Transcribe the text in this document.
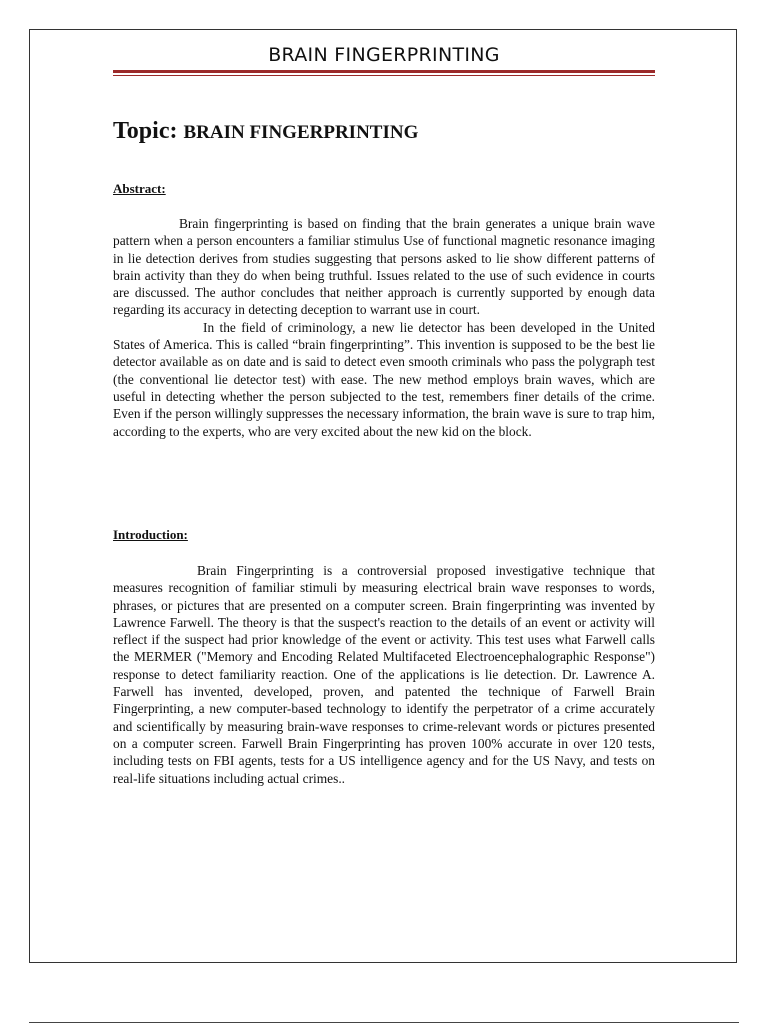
BRAIN FINGERPRINTING
Topic: BRAIN FINGERPRINTING
Abstract:

Brain fingerprinting is based on finding that the brain generates a unique brain wave pattern when a person encounters a familiar stimulus Use of functional magnetic resonance imaging in lie detection derives from studies suggesting that persons asked to lie show different patterns of brain activity than they do when being truthful. Issues related to the use of such evidence in courts are discussed. The author concludes that neither approach is currently supported by enough data regarding its accuracy in detecting deception to warrant use in court.

In the field of criminology, a new lie detector has been developed in the United States of America. This is called “brain fingerprinting”. This invention is supposed to be the best lie detector available as on date and is said to detect even smooth criminals who pass the polygraph test (the conventional lie detector test) with ease. The new method employs brain waves, which are useful in detecting whether the person subjected to the test, remembers finer details of the crime. Even if the person willingly suppresses the necessary information, the brain wave is sure to trap him, according to the experts, who are very excited about the new kid on the block.

Introduction:

Brain Fingerprinting is a controversial proposed investigative technique that measures recognition of familiar stimuli by measuring electrical brain wave responses to words, phrases, or pictures that are presented on a computer screen. Brain fingerprinting was invented by Lawrence Farwell. The theory is that the suspect's reaction to the details of an event or activity will reflect if the suspect had prior knowledge of the event or activity. This test uses what Farwell calls the MERMER ("Memory and Encoding Related Multifaceted Electroencephalographic Response") response to detect familiarity reaction. One of the applications is lie detection. Dr. Lawrence A. Farwell has invented, developed, proven, and patented the technique of Farwell Brain Fingerprinting, a new computer-based technology to identify the perpetrator of a crime accurately and scientifically by measuring brain-wave responses to crime-relevant words or pictures presented on a computer screen. Farwell Brain Fingerprinting has proven 100% accurate in over 120 tests, including tests on FBI agents, tests for a US intelligence agency and for the US Navy, and tests on real-life situations including actual crimes..
